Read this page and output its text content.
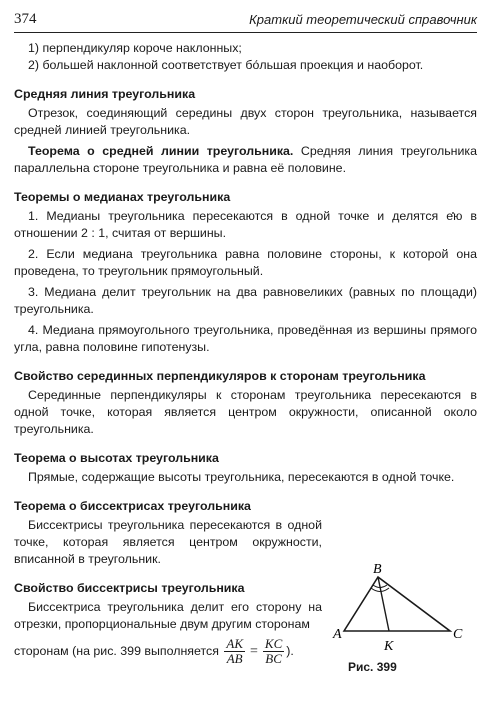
374	Краткий теоретический справочник

1) перпендикуляр короче наклонных;

2) большей наклонной соответствует бо́льшая проекция и наоборот.

Средняя линия треугольника

Отрезок, соединяющий середины двух сторон треугольника, называется средней линией треугольника.

Теорема о средней линии треугольника. Средняя линия треугольника параллельна стороне треугольника и равна её половине.

Теоремы о медианах треугольника

1. Медианы треугольника пересекаются в одной точке и делятся ею в отношении 2 : 1, считая от вершины.

2. Если медиана треугольника равна половине стороны, к которой она проведена, то треугольник прямоугольный.

3. Медиана делит треугольник на два равновеликих (равных по площади) треугольника.

4. Медиана прямоугольного треугольника, проведённая из вершины прямого угла, равна половине гипотенузы.

Свойство серединных перпендикуляров к сторонам треугольника

Серединные перпендикуляры к сторонам треугольника пересекаются в одной точке, которая является центром окружности, описанной около треугольника.

Теорема о высотах треугольника

Прямые, содержащие высоты треугольника, пересекаются в одной точке.

Теорема о биссектрисах треугольника

Биссектрисы треугольника пересекаются в одной точке, которая является центром окружности, вписанной в треугольник.

Свойство биссектрисы треугольника

Биссектриса треугольника делит его сторону на отрезки, пропорциональные двум другим сторонам

сторонам (на рис. 399 выполняется $\frac{AK}{AB} = \frac{KC}{BC}$ ).

A
B
C
K
Рис. 399
